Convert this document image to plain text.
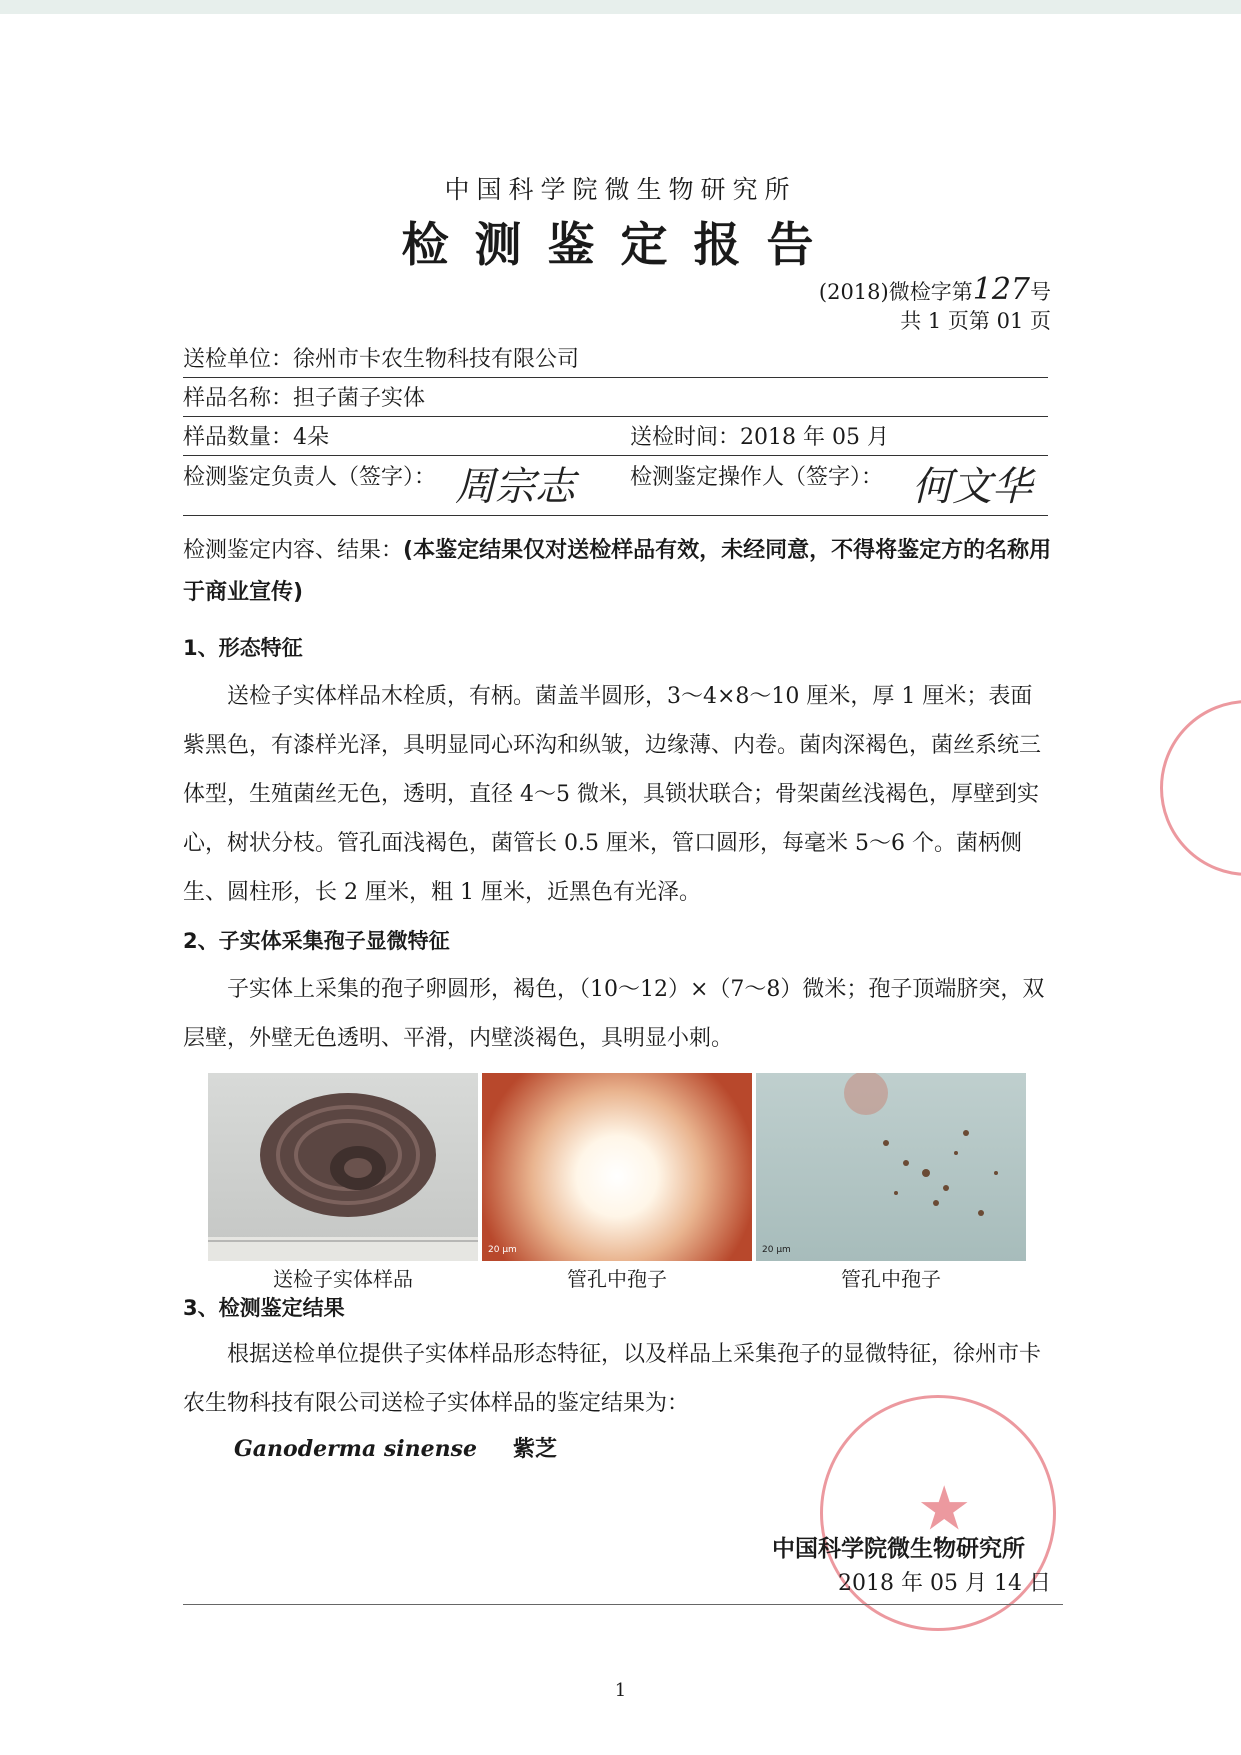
中国科学院微生物研究所
检测鉴定报告
(2018)微检字第127号
共 1 页第 01 页
送检单位：徐州市卡农生物科技有限公司
样品名称：担子菌子实体
样品数量：4朵	送检时间：2018 年 05 月
检测鉴定负责人（签字）： 周宗志	检测鉴定操作人（签字）： 何文华
检测鉴定内容、结果：(本鉴定结果仅对送检样品有效，未经同意，不得将鉴定方的名称用于商业宣传)
1、形态特征
送检子实体样品木栓质，有柄。菌盖半圆形，3～4×8～10 厘米，厚 1 厘米；表面紫黑色，有漆样光泽，具明显同心环沟和纵皱，边缘薄、内卷。菌肉深褐色，菌丝系统三体型，生殖菌丝无色，透明，直径 4～5 微米，具锁状联合；骨架菌丝浅褐色，厚壁到实心，树状分枝。管孔面浅褐色，菌管长 0.5 厘米，管口圆形，每毫米 5～6 个。菌柄侧生、圆柱形，长 2 厘米，粗 1 厘米，近黑色有光泽。
2、子实体采集孢子显微特征
子实体上采集的孢子卵圆形，褐色，（10～12）×（7～8）微米；孢子顶端脐突，双层壁，外壁无色透明、平滑，内壁淡褐色，具明显小刺。
20 µm	20 µm
送检子实体样品	管孔中孢子	管孔中孢子
3、检测鉴定结果
根据送检单位提供子实体样品形态特征，以及样品上采集孢子的显微特征，徐州市卡农生物科技有限公司送检子实体样品的鉴定结果为：
Ganoderma sinense 紫芝
★
中国科学院微生物研究所
2018 年 05 月 14 日
1
